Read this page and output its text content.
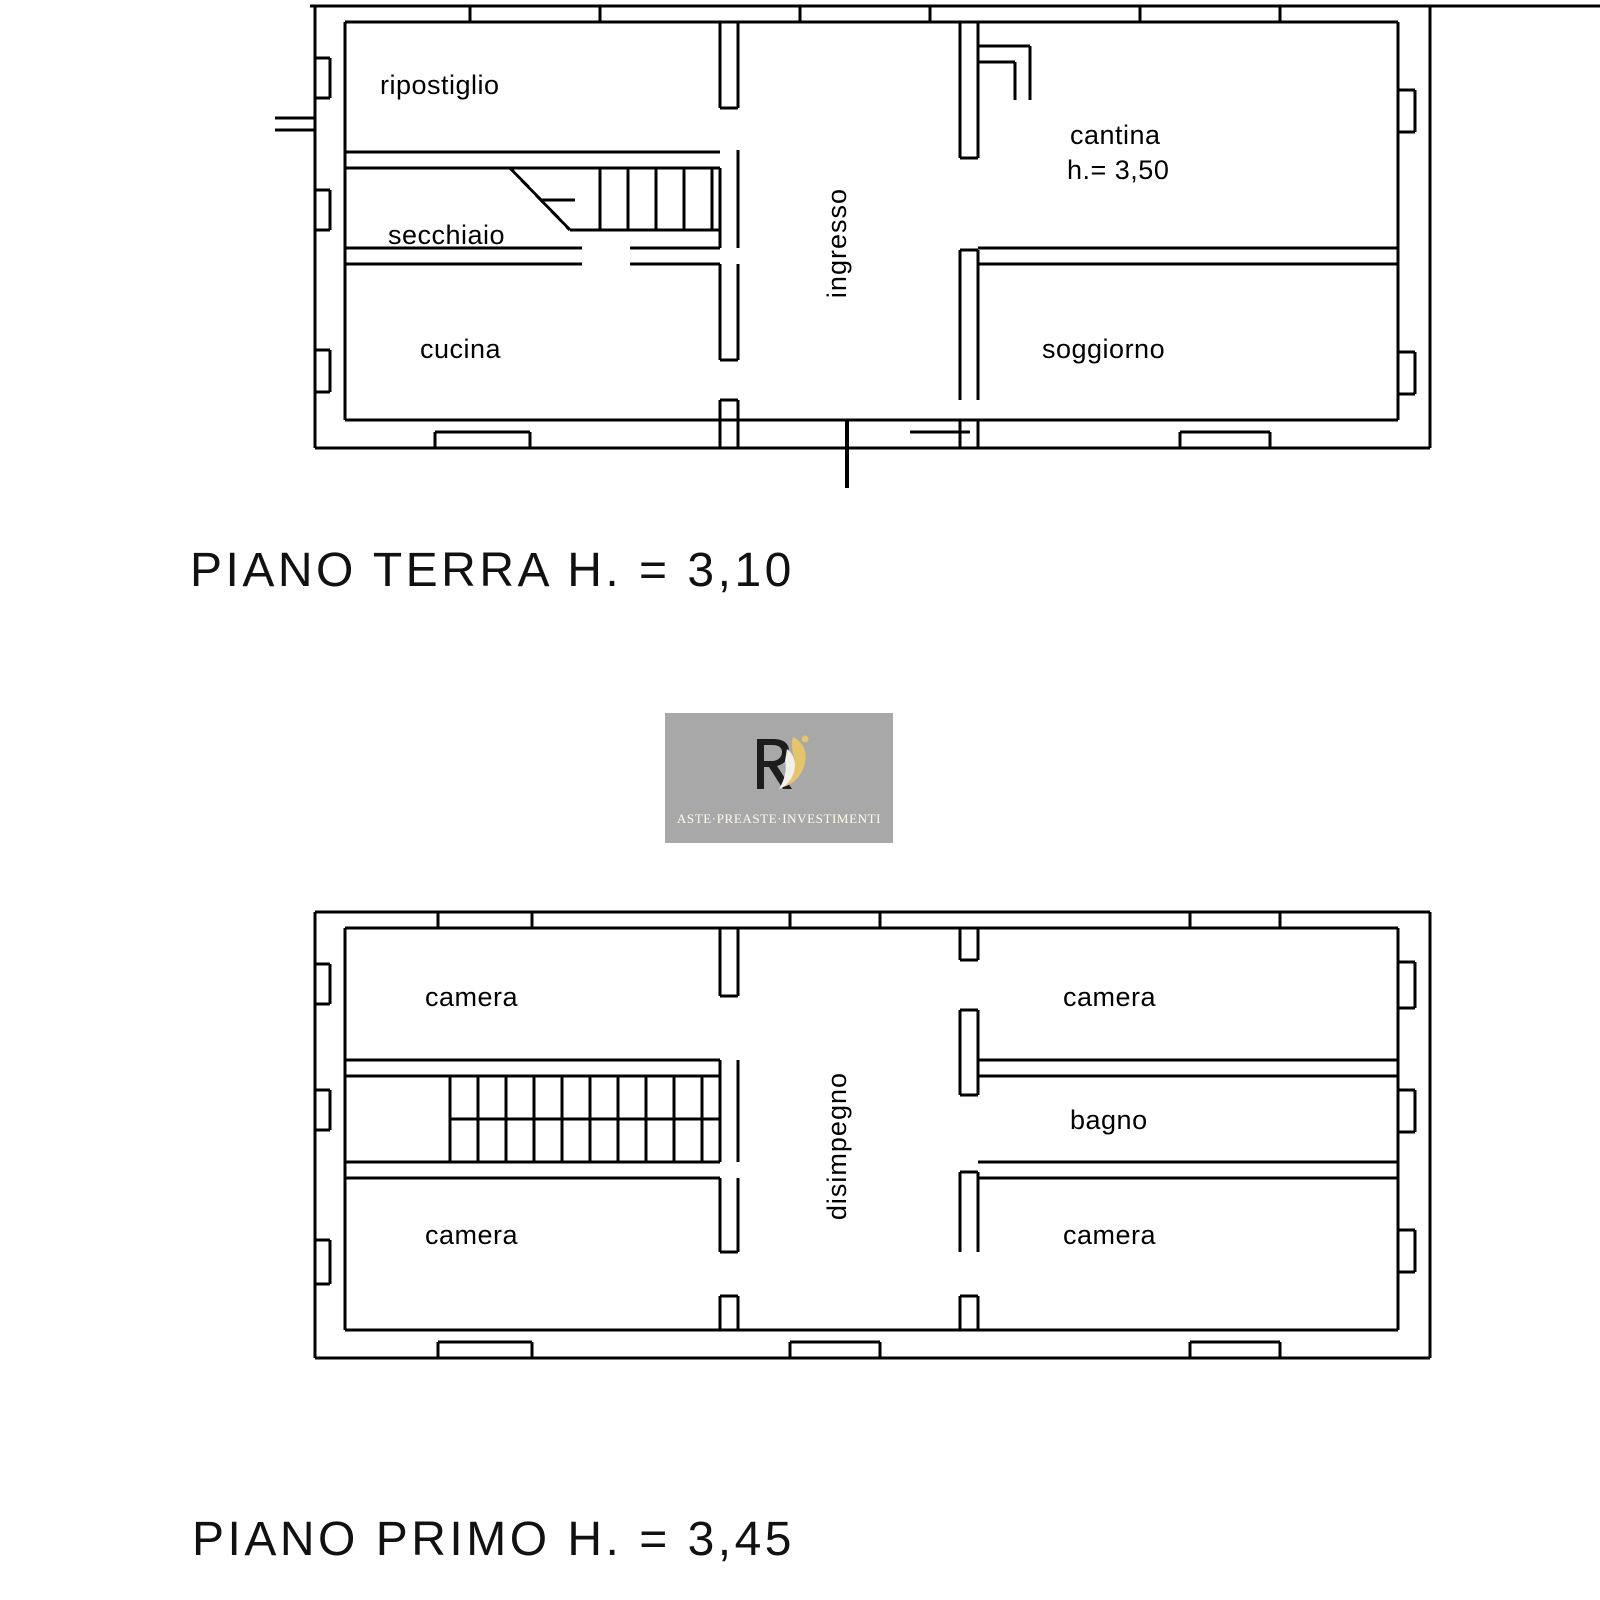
ripostiglio
secchiaio
cucina
ingresso
cantina
h.= 3,50
soggiorno
PIANO TERRA H. = 3,10
ASTE·PREASTE·INVESTIMENTI
camera
camera
disimpegno
camera
bagno
camera
PIANO PRIMO H. = 3,45
